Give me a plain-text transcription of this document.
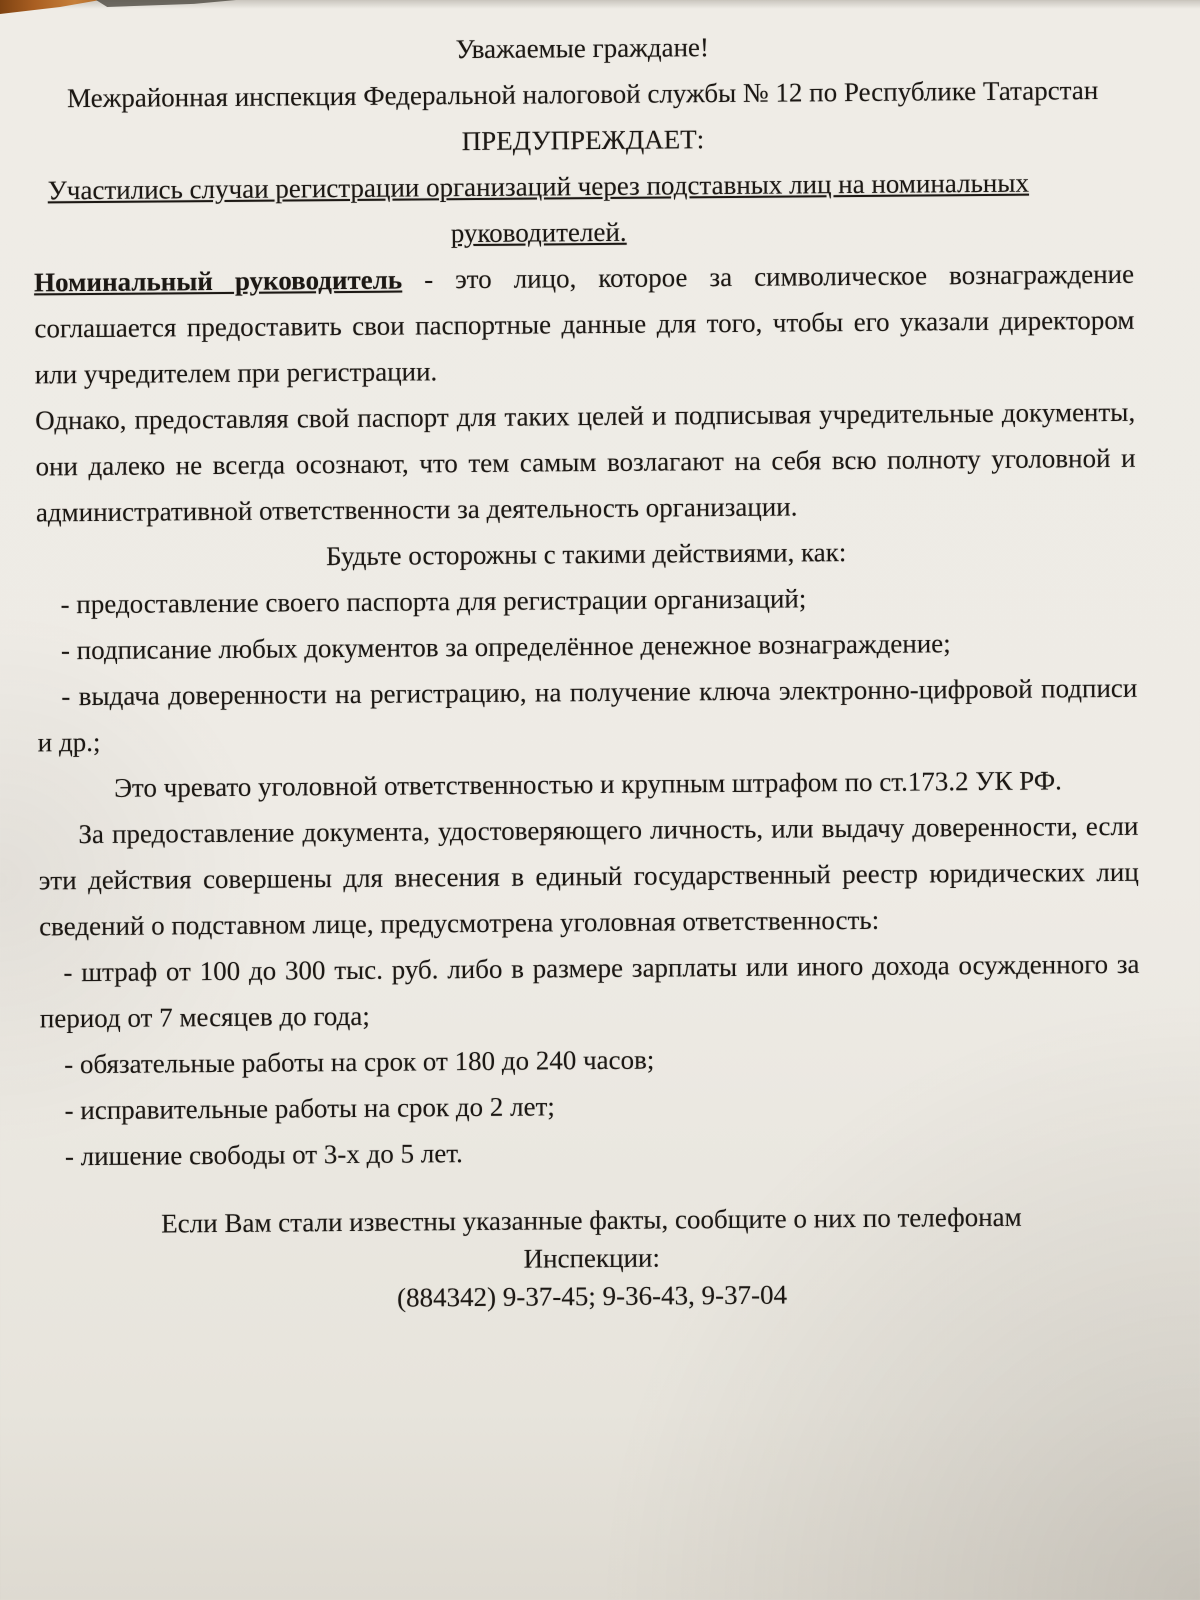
Уважаемые граждане!

Межрайонная инспекция Федеральной налоговой службы № 12 по Республике Татарстан

ПРЕДУПРЕЖДАЕТ:
Участились случаи регистрации организаций через подставных лиц на номинальных руководителей.

Номинальный руководитель - это лицо, которое за символическое вознаграждение соглашается предоставить свои паспортные данные для того, чтобы его указали директором или учредителем при регистрации.

Однако, предоставляя свой паспорт для таких целей и подписывая учредительные документы, они далеко не всегда осознают, что тем самым возлагают на себя всю полноту уголовной и административной ответственности за деятельность организации.

Будьте осторожны с такими действиями, как:

- предоставление своего паспорта для регистрации организаций;

- подписание любых документов за определённое денежное вознаграждение;

- выдача доверенности на регистрацию, на получение ключа электронно-цифровой подписи и др.;

Это чревато уголовной ответственностью и крупным штрафом по ст.173.2 УК РФ.

За предоставление документа, удостоверяющего личность, или выдачу доверенности, если эти действия совершены для внесения в единый государственный реестр юридических лиц сведений о подставном лице, предусмотрена уголовная ответственность:

- штраф от 100 до 300 тыс. руб. либо в размере зарплаты или иного дохода осужденного за период от 7 месяцев до года;

- обязательные работы на срок от 180 до 240 часов;

- исправительные работы на срок до 2 лет;

- лишение свободы от 3-х до 5 лет.

Если Вам стали известны указанные факты, сообщите о них по телефонам

Инспекции:

(884342) 9-37-45; 9-36-43, 9-37-04
